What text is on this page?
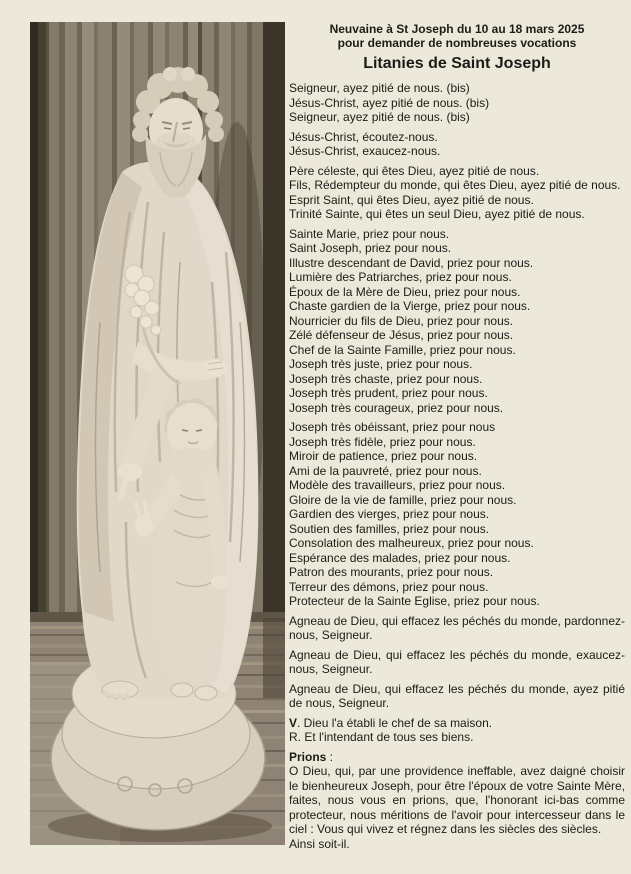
Neuvaine à St Joseph du 10 au 18 mars 2025
pour demander de nombreuses vocations
Litanies de Saint Joseph
Seigneur, ayez pitié de nous. (bis)
Jésus-Christ, ayez pitié de nous. (bis)
Seigneur, ayez pitié de nous. (bis)
Jésus-Christ, écoutez-nous.
Jésus-Christ, exaucez-nous.
Père céleste, qui êtes Dieu, ayez pitié de nous.
Fils, Rédempteur du monde, qui êtes Dieu, ayez pitié de nous.
Esprit Saint, qui êtes Dieu, ayez pitié de nous.
Trinité Sainte, qui êtes un seul Dieu, ayez pitié de nous.
Sainte Marie, priez pour nous.
Saint Joseph, priez pour nous.
Illustre descendant de David, priez pour nous.
Lumière des Patriarches, priez pour nous.
Époux de la Mère de Dieu, priez pour nous.
Chaste gardien de la Vierge, priez pour nous.
Nourricier du fils de Dieu, priez pour nous.
Zélé défenseur de Jésus, priez pour nous.
Chef de la Sainte Famille, priez pour nous.
Joseph très juste, priez pour nous.
Joseph très chaste, priez pour nous.
Joseph très prudent, priez pour nous.
Joseph très courageux, priez pour nous.
Joseph très obéissant, priez pour nous
Joseph très fidèle, priez pour nous.
Miroir de patience, priez pour nous.
Ami de la pauvreté, priez pour nous.
Modèle des travailleurs, priez pour nous.
Gloire de la vie de famille, priez pour nous.
Gardien des vierges, priez pour nous.
Soutien des familles, priez pour nous.
Consolation des malheureux, priez pour nous.
Espérance des malades, priez pour nous.
Patron des mourants, priez pour nous.
Terreur des démons, priez pour nous.
Protecteur de la Sainte Eglise, priez pour nous.

Agneau de Dieu, qui effacez les péchés du monde, pardonnez-nous, Seigneur.

Agneau de Dieu, qui effacez les péchés du monde, exaucez-nous, Seigneur.

Agneau de Dieu, qui effacez les péchés du monde, ayez pitié de nous, Seigneur.

V. Dieu l'a établi le chef de sa maison.
R. Et l'intendant de tous ses biens.
Prions :

O Dieu, qui, par une providence ineffable, avez daigné choisir le bienheureux Joseph, pour être l'époux de votre Sainte Mère, faites, nous vous en prions, que, l'honorant ici-bas comme protecteur, nous méritions de l'avoir pour intercesseur dans le ciel : Vous qui vivez et régnez dans les siècles des siècles.

Ainsi soit-il.
